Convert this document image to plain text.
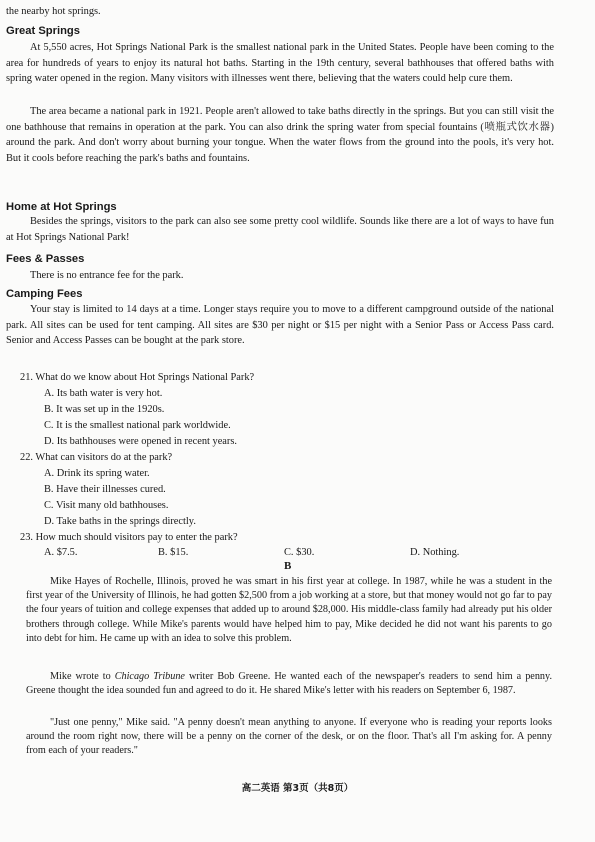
the nearby hot springs.
Great Springs
At 5,550 acres, Hot Springs National Park is the smallest national park in the United States. People have been coming to the area for hundreds of years to enjoy its natural hot baths. Starting in the 19th century, several bathhouses that offered baths with spring water opened in the region. Many visitors with illnesses went there, believing that the waters could help cure them.
The area became a national park in 1921. People aren't allowed to take baths directly in the springs. But you can still visit the one bathhouse that remains in operation at the park. You can also drink the spring water from special fountains (喷瓶式饮水器) around the park. And don't worry about burning your tongue. When the water flows from the ground into the pools, it's very hot. But it cools before reaching the park's baths and fountains.
Home at Hot Springs
Besides the springs, visitors to the park can also see some pretty cool wildlife. Sounds like there are a lot of ways to have fun at Hot Springs National Park!
Fees & Passes
There is no entrance fee for the park.
Camping Fees
Your stay is limited to 14 days at a time. Longer stays require you to move to a different campground outside of the national park. All sites can be used for tent camping. All sites are $30 per night or $15 per night with a Senior Pass or Access Pass card. Senior and Access Passes can be bought at the park store.
21. What do we know about Hot Springs National Park?
A. Its bath water is very hot.
B. It was set up in the 1920s.
C. It is the smallest national park worldwide.
D. Its bathhouses were opened in recent years.
22. What can visitors do at the park?
A. Drink its spring water.
B. Have their illnesses cured.
C. Visit many old bathhouses.
D. Take baths in the springs directly.
23. How much should visitors pay to enter the park?
A. $7.5.	B. $15.	C. $30.	D. Nothing.
B
Mike Hayes of Rochelle, Illinois, proved he was smart in his first year at college. In 1987, while he was a student in the first year of the University of Illinois, he had gotten $2,500 from a job working at a store, but that money would not go far to pay the four years of tuition and college expenses that added up to around $28,000. His middle-class family had already put his older brothers through college. While Mike's parents would have helped him to pay, Mike decided he did not want his parents to go into debt for him. He came up with an idea to solve this problem.
Mike wrote to Chicago Tribune writer Bob Greene. He wanted each of the newspaper's readers to send him a penny. Greene thought the idea sounded fun and agreed to do it. He shared Mike's letter with his readers on September 6, 1987.
"Just one penny," Mike said. "A penny doesn't mean anything to anyone. If everyone who is reading your reports looks around the room right now, there will be a penny on the corner of the desk, or on the floor. That's all I'm asking for. A penny from each of your readers."
高二英语 第3页（共8页）
